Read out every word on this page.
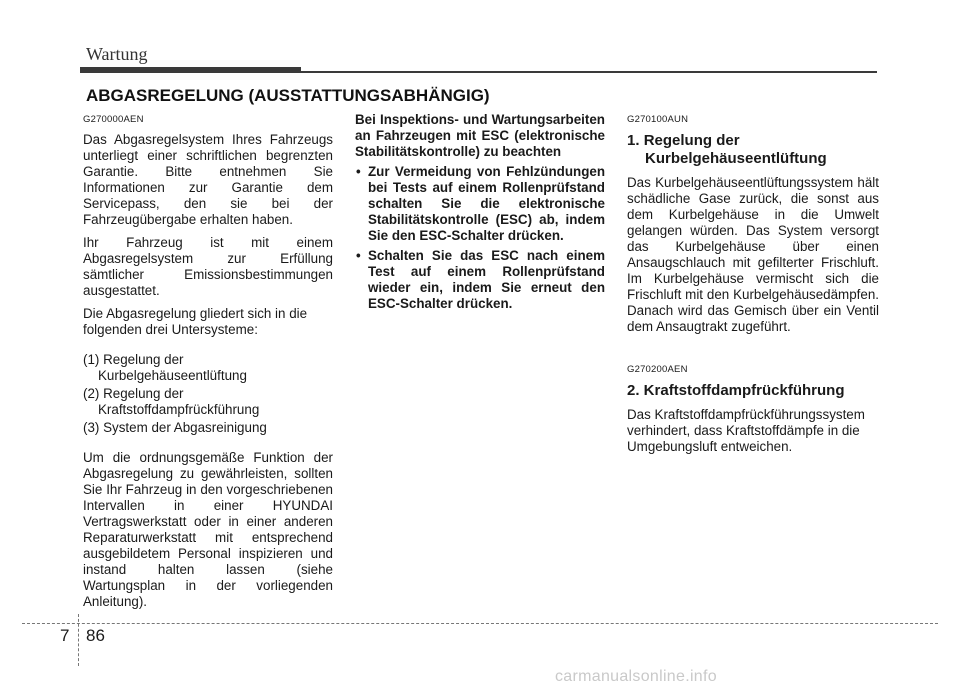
Wartung
ABGASREGELUNG (AUSSTATTUNGSABHÄNGIG)
G270000AEN

Das Abgasregelsystem Ihres Fahrzeugs unterliegt einer schriftlichen begrenzten Garantie. Bitte entnehmen Sie Informationen zur Garantie dem Servicepass, den sie bei der Fahrzeugübergabe erhalten haben.

Ihr Fahrzeug ist mit einem Abgasregelsystem zur Erfüllung sämtlicher Emissionsbestimmungen ausgestattet.

Die Abgasregelung gliedert sich in die folgenden drei Untersysteme:

(1) Regelung der Kurbelgehäuseentlüftung
(2) Regelung der Kraftstoffdampfrückführung
(3) System der Abgasreinigung

Um die ordnungsgemäße Funktion der Abgasregelung zu gewährleisten, sollten Sie Ihr Fahrzeug in den vorgeschriebenen Intervallen in einer HYUNDAI Vertragswerkstatt oder in einer anderen Reparaturwerkstatt mit entsprechend ausgebildetem Personal inspizieren und instand halten lassen (siehe Wartungsplan in der vorliegenden Anleitung).

Bei Inspektions- und Wartungsarbeiten an Fahrzeugen mit ESC (elektronische Stabilitätskontrolle) zu beachten
• Zur Vermeidung von Fehlzündungen bei Tests auf einem Rollenprüfstand schalten Sie die elektronische Stabilitätskontrolle (ESC) ab, indem Sie den ESC-Schalter drücken.
• Schalten Sie das ESC nach einem Test auf einem Rollenprüfstand wieder ein, indem Sie erneut den ESC-Schalter drücken.
G270100AUN
1. Regelung der
Kurbelgehäuseentlüftung

Das Kurbelgehäuseentlüftungssystem hält schädliche Gase zurück, die sonst aus dem Kurbelgehäuse in die Umwelt gelangen würden. Das System versorgt das Kurbelgehäuse über einen Ansaugschlauch mit gefilterter Frischluft. Im Kurbelgehäuse vermischt sich die Frischluft mit den Kurbelgehäusedämpfen. Danach wird das Gemisch über ein Ventil dem Ansaugtrakt zugeführt.

G270200AEN
2. Kraftstoffdampfrückführung

Das Kraftstoffdampfrückführungssystem verhindert, dass Kraftstoffdämpfe in die Umgebungsluft entweichen.

7 86
carmanualsonline.info
